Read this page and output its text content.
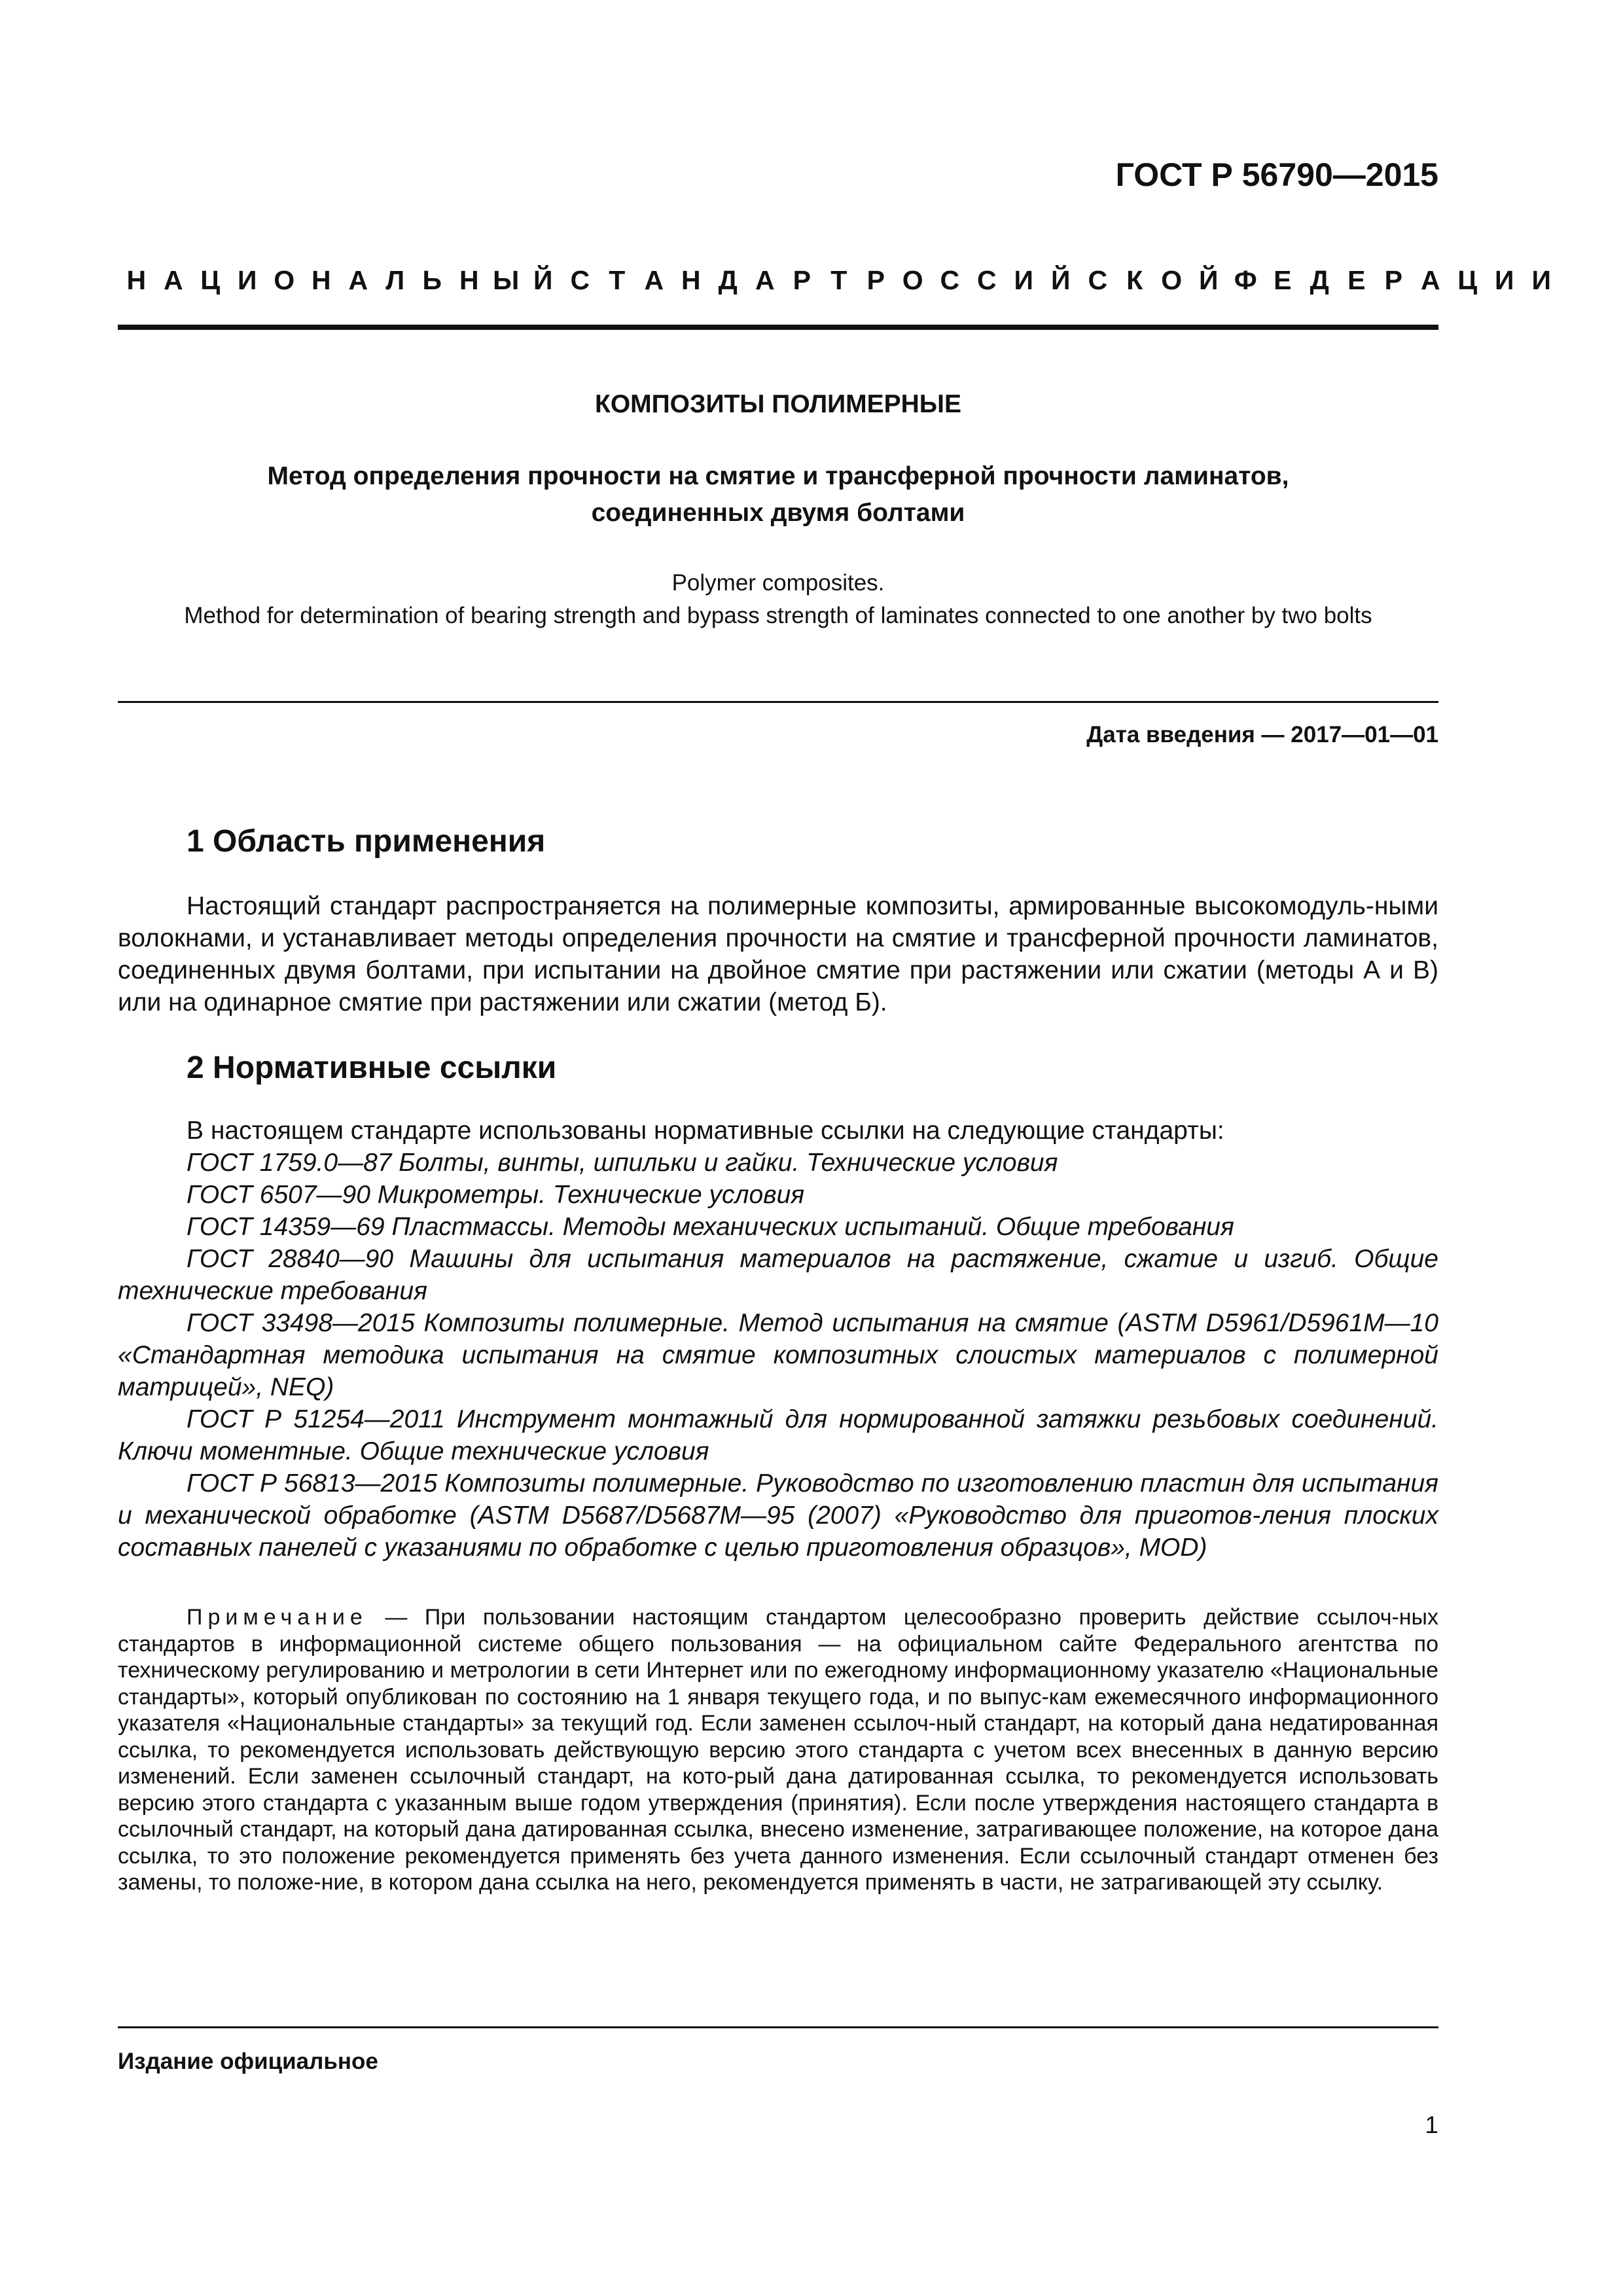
ГОСТ Р 56790—2015
Н А Ц И О Н А Л Ь Н Ы Й С Т А Н Д А Р Т Р О С С И Й С К О Й Ф Е Д Е Р А Ц И И
КОМПОЗИТЫ ПОЛИМЕРНЫЕ
Метод определения прочности на смятие и трансферной прочности ламинатов,
соединенных двумя болтами
Polymer composites.
Method for determination of bearing strength and bypass strength of laminates connected to one another by two bolts
Дата введения — 2017—01—01
1 Область применения
Настоящий стандарт распространяется на полимерные композиты, армированные высокомодуль-ными волокнами, и устанавливает методы определения прочности на смятие и трансферной прочности ламинатов, соединенных двумя болтами, при испытании на двойное смятие при растяжении или сжатии (методы А и В) или на одинарное смятие при растяжении или сжатии (метод Б).
2 Нормативные ссылки
В настоящем стандарте использованы нормативные ссылки на следующие стандарты:
ГОСТ 1759.0—87 Болты, винты, шпильки и гайки. Технические условия
ГОСТ 6507—90 Микрометры. Технические условия
ГОСТ 14359—69 Пластмассы. Методы механических испытаний. Общие требования
ГОСТ 28840—90 Машины для испытания материалов на растяжение, сжатие и изгиб. Общие технические требования
ГОСТ 33498—2015 Композиты полимерные. Метод испытания на смятие (ASTM D5961/D5961M—10 «Стандартная методика испытания на смятие композитных слоистых материалов с полимерной матрицей», NEQ)
ГОСТ Р 51254—2011 Инструмент монтажный для нормированной затяжки резьбовых соединений. Ключи моментные. Общие технические условия
ГОСТ Р 56813—2015 Композиты полимерные. Руководство по изготовлению пластин для испытания и механической обработке (ASTM D5687/D5687M—95 (2007) «Руководство для приготов-ления плоских составных панелей с указаниями по обработке с целью приготовления образцов», MOD)
Примечание — При пользовании настоящим стандартом целесообразно проверить действие ссылоч-ных стандартов в информационной системе общего пользования — на официальном сайте Федерального агентства по техническому регулированию и метрологии в сети Интернет или по ежегодному информационному указателю «Национальные стандарты», который опубликован по состоянию на 1 января текущего года, и по выпус-кам ежемесячного информационного указателя «Национальные стандарты» за текущий год. Если заменен ссылоч-ный стандарт, на который дана недатированная ссылка, то рекомендуется использовать действующую версию этого стандарта с учетом всех внесенных в данную версию изменений. Если заменен ссылочный стандарт, на кото-рый дана датированная ссылка, то рекомендуется использовать версию этого стандарта с указанным выше годом утверждения (принятия). Если после утверждения настоящего стандарта в ссылочный стандарт, на который дана датированная ссылка, внесено изменение, затрагивающее положение, на которое дана ссылка, то это положение рекомендуется применять без учета данного изменения. Если ссылочный стандарт отменен без замены, то положе-ние, в котором дана ссылка на него, рекомендуется применять в части, не затрагивающей эту ссылку.
Издание официальное
1
